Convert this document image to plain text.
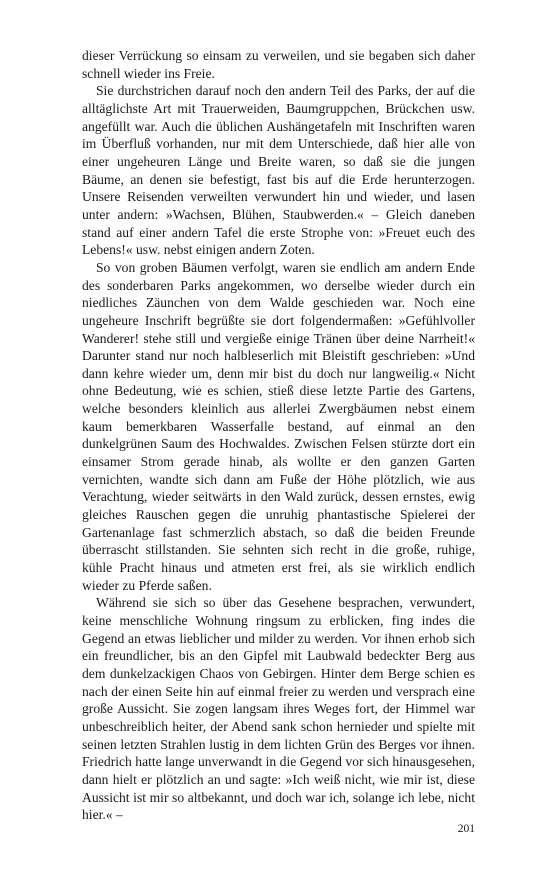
dieser Verrückung so einsam zu verweilen, und sie begaben sich daher schnell wieder ins Freie.

Sie durchstrichen darauf noch den andern Teil des Parks, der auf die alltäglichste Art mit Trauerweiden, Baumgruppchen, Brückchen usw. angefüllt war. Auch die üblichen Aushängetafeln mit Inschriften waren im Überfluß vorhanden, nur mit dem Unterschiede, daß hier alle von einer ungeheuren Länge und Breite waren, so daß sie die jungen Bäume, an denen sie befestigt, fast bis auf die Erde herunterzogen. Unsere Reisenden verweilten verwundert hin und wieder, und lasen unter andern: »Wachsen, Blühen, Staubwerden.« – Gleich daneben stand auf einer andern Tafel die erste Strophe von: »Freuet euch des Lebens!« usw. nebst einigen andern Zoten.

So von groben Bäumen verfolgt, waren sie endlich am andern Ende des sonderbaren Parks angekommen, wo derselbe wieder durch ein niedliches Zäunchen von dem Walde geschieden war. Noch eine ungeheure Inschrift begrüßte sie dort folgendermaßen: »Gefühlvoller Wanderer! stehe still und vergieße einige Tränen über deine Narrheit!« Darunter stand nur noch halbleserlich mit Bleistift geschrieben: »Und dann kehre wieder um, denn mir bist du doch nur langweilig.« Nicht ohne Bedeutung, wie es schien, stieß diese letzte Partie des Gartens, welche besonders kleinlich aus allerlei Zwergbäumen nebst einem kaum bemerkbaren Wasserfalle bestand, auf einmal an den dunkelgrünen Saum des Hochwaldes. Zwischen Felsen stürzte dort ein einsamer Strom gerade hinab, als wollte er den ganzen Garten vernichten, wandte sich dann am Fuße der Höhe plötzlich, wie aus Verachtung, wieder seitwärts in den Wald zurück, dessen ernstes, ewig gleiches Rauschen gegen die unruhig phantastische Spielerei der Gartenanlage fast schmerzlich abstach, so daß die beiden Freunde überrascht stillstanden. Sie sehnten sich recht in die große, ruhige, kühle Pracht hinaus und atmeten erst frei, als sie wirklich endlich wieder zu Pferde saßen.

Während sie sich so über das Gesehene besprachen, verwundert, keine menschliche Wohnung ringsum zu erblicken, fing indes die Gegend an etwas lieblicher und milder zu werden. Vor ihnen erhob sich ein freundlicher, bis an den Gipfel mit Laubwald bedeckter Berg aus dem dunkelzackigen Chaos von Gebirgen. Hinter dem Berge schien es nach der einen Seite hin auf einmal freier zu werden und versprach eine große Aussicht. Sie zogen langsam ihres Weges fort, der Himmel war unbeschreiblich heiter, der Abend sank schon hernieder und spielte mit seinen letzten Strahlen lustig in dem lichten Grün des Berges vor ihnen. Friedrich hatte lange unverwandt in die Gegend vor sich hinausgesehen, dann hielt er plötzlich an und sagte: »Ich weiß nicht, wie mir ist, diese Aussicht ist mir so altbekannt, und doch war ich, solange ich lebe, nicht hier.« –

201
